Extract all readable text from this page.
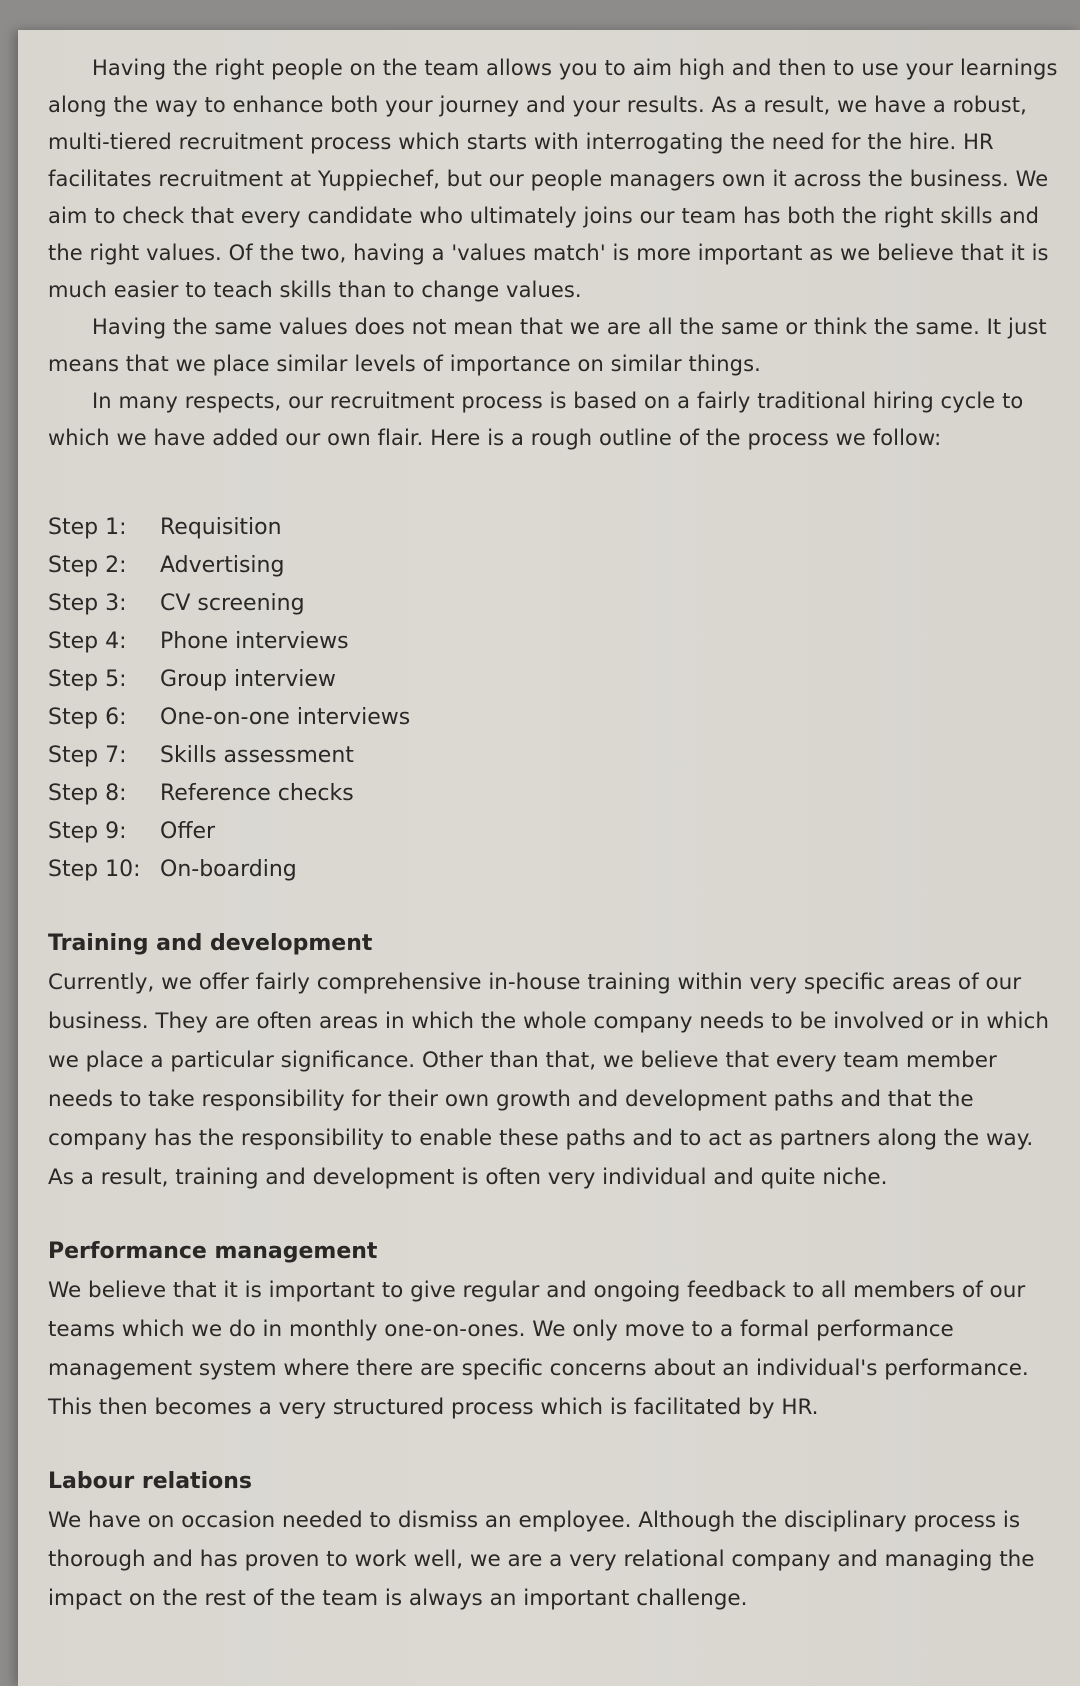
Having the right people on the team allows you to aim high and then to use your learnings along the way to enhance both your journey and your results. As a result, we have a robust, multi-tiered recruitment process which starts with interrogating the need for the hire. HR facilitates recruitment at Yuppiechef, but our people managers own it across the business. We aim to check that every candidate who ultimately joins our team has both the right skills and the right values. Of the two, having a 'values match' is more important as we believe that it is much easier to teach skills than to change values.

Having the same values does not mean that we are all the same or think the same. It just means that we place similar levels of importance on similar things.

In many respects, our recruitment process is based on a fairly traditional hiring cycle to which we have added our own flair. Here is a rough outline of the process we follow:

Step 1:	Requisition
Step 2:	Advertising
Step 3:	CV screening
Step 4:	Phone interviews
Step 5:	Group interview
Step 6:	One-on-one interviews
Step 7:	Skills assessment
Step 8:	Reference checks
Step 9:	Offer
Step 10: On-boarding
Training and development
Currently, we offer fairly comprehensive in-house training within very specific areas of our business. They are often areas in which the whole company needs to be involved or in which we place a particular significance. Other than that, we believe that every team member needs to take responsibility for their own growth and development paths and that the company has the responsibility to enable these paths and to act as partners along the way. As a result, training and development is often very individual and quite niche.
Performance management
We believe that it is important to give regular and ongoing feedback to all members of our teams which we do in monthly one-on-ones. We only move to a formal performance management system where there are specific concerns about an individual's performance. This then becomes a very structured process which is facilitated by HR.
Labour relations
We have on occasion needed to dismiss an employee. Although the disciplinary process is thorough and has proven to work well, we are a very relational company and managing the impact on the rest of the team is always an important challenge.
